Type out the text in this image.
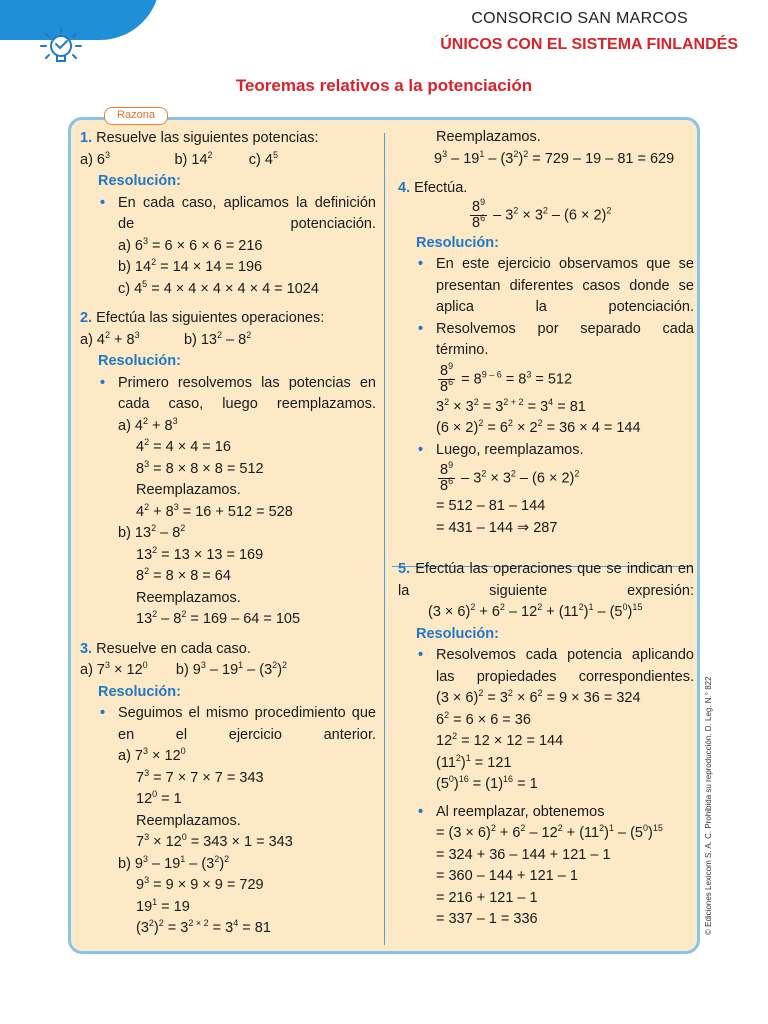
CONSORCIO SAN MARCOS
ÚNICOS CON EL SISTEMA FINLANDÉS
Teoremas relativos a la potenciación
Razona
1. Resuelve las siguientes potencias:
a) $6^3$                b) $14^2$         c) $4^5$
Resolución:
• En cada caso, aplicamos la definición de potenciación.
a) $6^3 = 6 \times 6 \times 6 = 216$
b) $14^2 = 14 \times 14 = 196$
c) $4^5 = 4 \times 4 \times 4 \times 4 \times 4 = 1024$
2. Efectúa las siguientes operaciones:
a) $4^2 + 8^3$           b) $13^2 - 8^2$
Resolución:
• Primero resolvemos las potencias en cada caso, luego reemplazamos.
a) $4^2 + 8^3$
$4^2 = 4 \times 4 = 16$
$8^3 = 8 \times 8 \times 8 = 512$
Reemplazamos.
$4^2 + 8^3 = 16 + 512 = 528$
b) $13^2 - 8^2$
$13^2 = 13 \times 13 = 169$
$8^2 = 8 \times 8 = 64$
Reemplazamos.
$13^2 - 8^2 = 169 - 64 = 105$
3. Resuelve en cada caso.
a) $7^3 \times 12^0$       b) $9^3 - 19^1 - (3^2)^2$
Resolución:
• Seguimos el mismo procedimiento que en el ejercicio anterior.
a) $7^3 \times 12^0$
$7^3 = 7 \times 7 \times 7 = 343$
$12^0 = 1$
Reemplazamos.
$7^3 \times 12^0 = 343 \times 1 = 343$
b) $9^3 - 19^1 - (3^2)^2$
$9^3 = 9 \times 9 \times 9 = 729$
$19^1 = 19$
$(3^2)^2 = 3^{2 \times 2} = 3^4 = 81$
Reemplazamos.
$9^3 - 19^1 - (3^2)^2 = 729 - 19 - 81 = 629$
4. Efectúa.
$\frac{8^9}{8^6} - 3^2 \times 3^2 - (6 \times 2)^2$
Resolución:
• En este ejercicio observamos que se presentan diferentes casos donde se aplica la potenciación.
• Resolvemos por separado cada término.
$\frac{8^9}{8^6} = 8^{9 - 6} = 8^3 = 512$
$3^2 \times 3^2 = 3^{2 + 2} = 3^4 = 81$
$(6 \times 2)^2 = 6^2 \times 2^2 = 36 \times 4 = 144$
• Luego, reemplazamos.
$\frac{8^9}{8^6} - 3^2 \times 3^2 - (6 \times 2)^2$
= 512 – 81 – 144
= 431 – 144 ⇒ 287
5. Efectúa las operaciones que se indican en la siguiente expresión:
$(3 \times 6)^2 + 6^2 - 12^2 + (11^2)^1 - (5^0)^{15}$
Resolución:
• Resolvemos cada potencia aplicando las propiedades correspondientes.
$(3 \times 6)^2 = 3^2 \times 6^2 = 9 \times 36 = 324$
$6^2 = 6 \times 6 = 36$
$12^2 = 12 \times 12 = 144$
$(11^2)^1 = 121$
$(5^0)^{16} = (1)^{16} = 1$
• Al reemplazar, obtenemos
= $(3 \times 6)^2 + 6^2 - 12^2 + (11^2)^1 - (5^0)^{15}$
= 324 + 36 – 144 + 121 – 1
= 360 – 144 + 121 – 1
= 216 + 121 – 1
= 337 – 1 = 336	© Ediciones Lexicom S. A. C. Prohibida su reproducción. D. Leg. N.° 822
